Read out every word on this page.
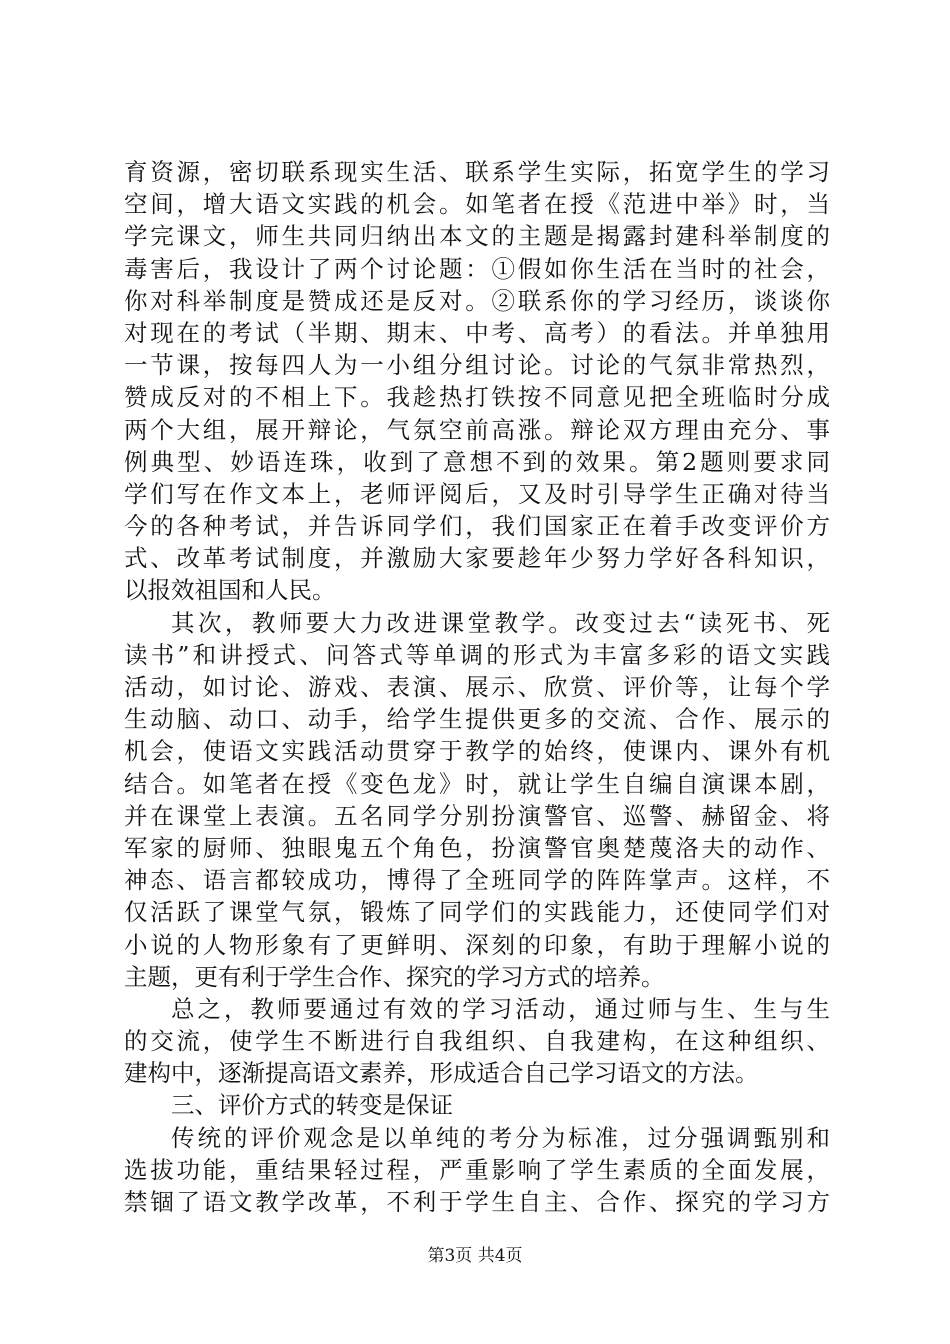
育资源，密切联系现实生活、联系学生实际，拓宽学生的学习
空间，增大语文实践的机会。如笔者在授《范进中举》时，当
学完课文，师生共同归纳出本文的主题是揭露封建科举制度的
毒害后，我设计了两个讨论题：①假如你生活在当时的社会，
你对科举制度是赞成还是反对。②联系你的学习经历，谈谈你
对现在的考试（半期、期末、中考、高考）的看法。并单独用
一节课，按每四人为一小组分组讨论。讨论的气氛非常热烈，
赞成反对的不相上下。我趁热打铁按不同意见把全班临时分成
两个大组，展开辩论，气氛空前高涨。辩论双方理由充分、事
例典型、妙语连珠，收到了意想不到的效果。第2题则要求同
学们写在作文本上，老师评阅后，又及时引导学生正确对待当
今的各种考试，并告诉同学们，我们国家正在着手改变评价方
式、改革考试制度，并激励大家要趁年少努力学好各科知识，
以报效祖国和人民。
其次，教师要大力改进课堂教学。改变过去“读死书、死
读书”和讲授式、问答式等单调的形式为丰富多彩的语文实践
活动，如讨论、游戏、表演、展示、欣赏、评价等，让每个学
生动脑、动口、动手，给学生提供更多的交流、合作、展示的
机会，使语文实践活动贯穿于教学的始终，使课内、课外有机
结合。如笔者在授《变色龙》时，就让学生自编自演课本剧，
并在课堂上表演。五名同学分别扮演警官、巡警、赫留金、将
军家的厨师、独眼鬼五个角色，扮演警官奥楚蔑洛夫的动作、
神态、语言都较成功，博得了全班同学的阵阵掌声。这样，不
仅活跃了课堂气氛，锻炼了同学们的实践能力，还使同学们对
小说的人物形象有了更鲜明、深刻的印象，有助于理解小说的
主题，更有利于学生合作、探究的学习方式的培养。
总之，教师要通过有效的学习活动，通过师与生、生与生
的交流，使学生不断进行自我组织、自我建构，在这种组织、
建构中，逐渐提高语文素养，形成适合自己学习语文的方法。
三、评价方式的转变是保证
传统的评价观念是以单纯的考分为标准，过分强调甄别和
选拔功能，重结果轻过程，严重影响了学生素质的全面发展，
禁锢了语文教学改革，不利于学生自主、合作、探究的学习方
第3页 共4页
